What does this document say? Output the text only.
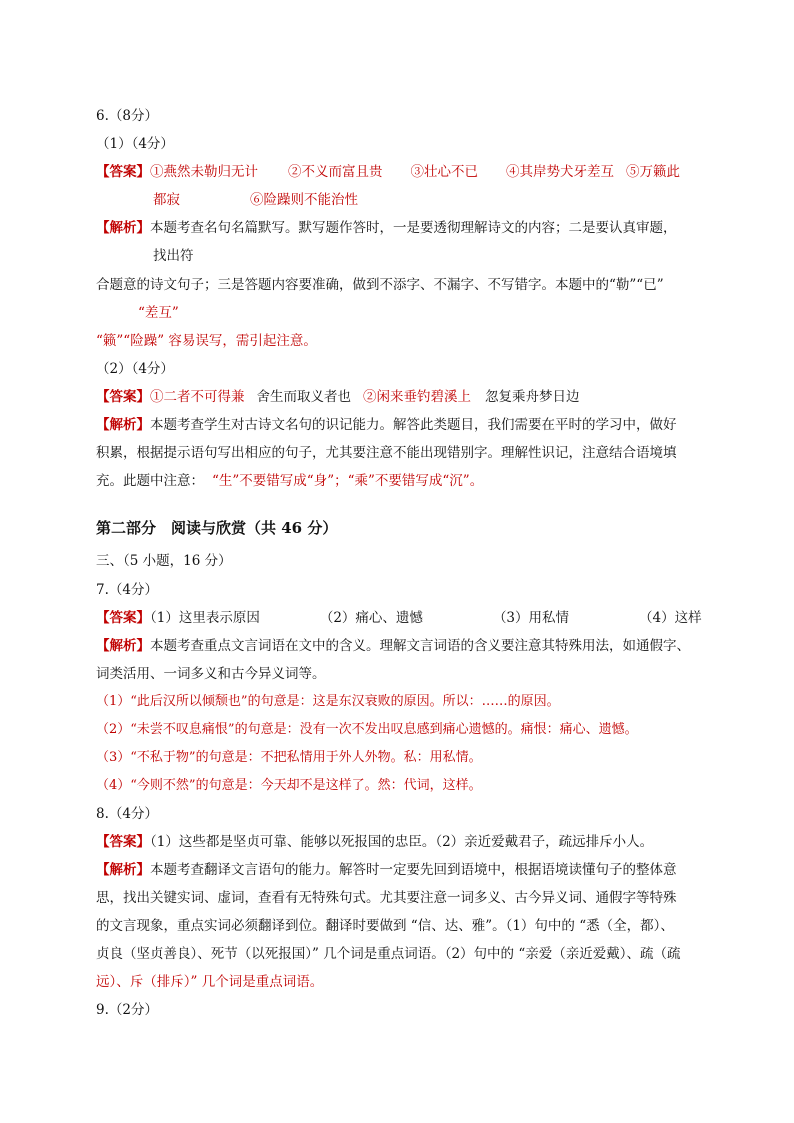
6.（8分）
（1）（4分）
【答案】①燕然未勒归无计 ②不义而富且贵 ③壮心不已 ④其岸势犬牙差互 ⑤万籁此
都寂	⑥险躁则不能治性
【解析】本题考查名句名篇默写。默写题作答时，一是要透彻理解诗文的内容；二是要认真审题，
找出符
合题意的诗文句子；三是答题内容要准确，做到不添字、不漏字、不写错字。本题中的“勒”“已”
“差互”
“籁”“险躁” 容易误写，需引起注意。
（2）（4分）
【答案】①二者不可得兼 舍生而取义者也 ②闲来垂钓碧溪上 忽复乘舟梦日边
【解析】本题考查学生对古诗文名句的识记能力。解答此类题目，我们需要在平时的学习中，做好
积累，根据提示语句写出相应的句子，尤其要注意不能出现错别字。理解性识记，注意结合语境填
充。此题中注意： “生”不要错写成“身”；“乘”不要错写成“沉”。
第二部分　阅读与欣赏（共 46 分）
三、（5 小题，16 分）
7.（4分）
【答案】（1）这里表示原因	（2）痛心、遗憾	（3）用私情	（4）这样
【解析】本题考查重点文言词语在文中的含义。理解文言词语的含义要注意其特殊用法，如通假字、
词类活用、一词多义和古今异义词等。
（1）“此后汉所以倾颓也”的句意是：这是东汉衰败的原因。所以：……的原因。
（2）“未尝不叹息痛恨”的句意是：没有一次不发出叹息感到痛心遗憾的。痛恨：痛心、遗憾。
（3）“不私于物”的句意是：不把私情用于外人外物。私：用私情。
（4）“今则不然”的句意是：今天却不是这样了。然：代词，这样。
8.（4分）
【答案】（1）这些都是坚贞可靠、能够以死报国的忠臣。（2）亲近爱戴君子，疏远排斥小人。
【解析】本题考查翻译文言语句的能力。解答时一定要先回到语境中，根据语境读懂句子的整体意
思，找出关键实词、虚词，查看有无特殊句式。尤其要注意一词多义、古今异义词、通假字等特殊
的文言现象，重点实词必须翻译到位。翻译时要做到 “信、达、雅”。（1）句中的 “悉（全，都）、
贞良（坚贞善良）、死节（以死报国）” 几个词是重点词语。（2）句中的 “亲爱（亲近爱戴）、疏（疏
远）、斥（排斥）” 几个词是重点词语。
9.（2分）
